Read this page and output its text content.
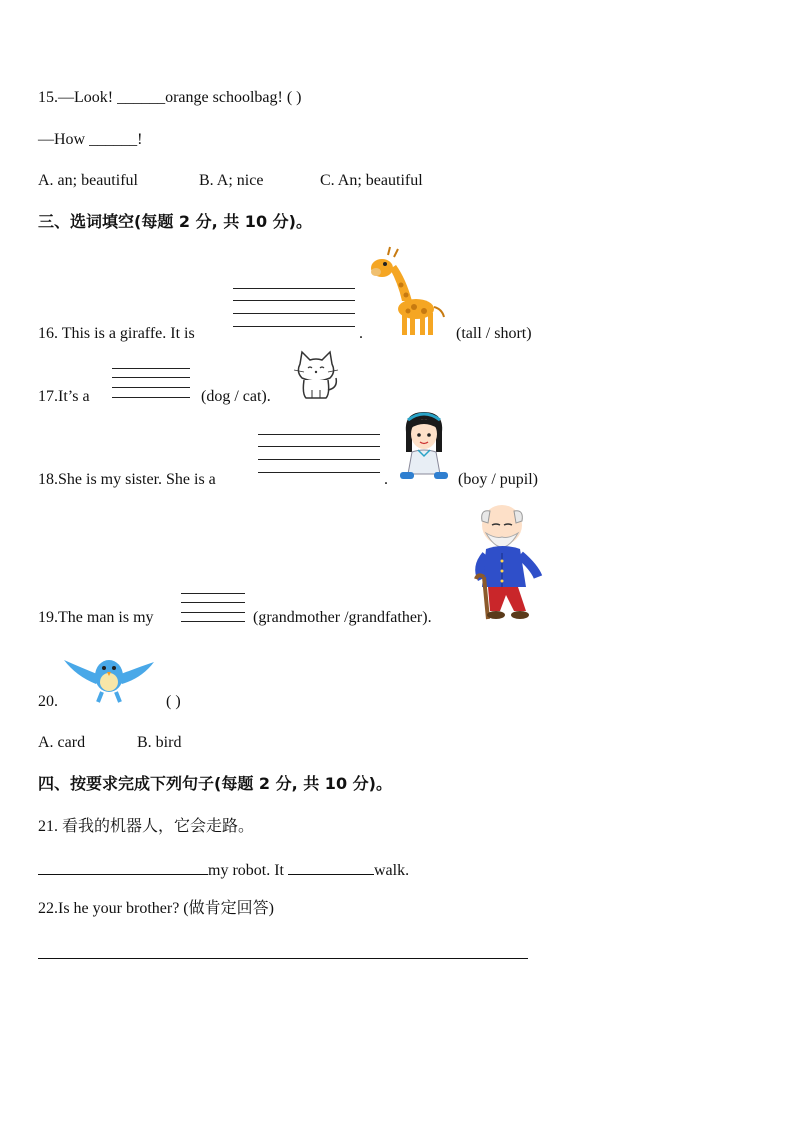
15.—Look! ______orange schoolbag! ( )
—How ______!
A. an; beautiful	B. A; nice	C. An; beautiful
三、选词填空(每题 2 分, 共 10 分)。
16. This is a giraffe. It is	.	(tall / short)
17.It’s a	(dog / cat).
18.She is my sister. She is a	.	(boy / pupil)
19.The man is my	(grandmother /grandfather).
20.	( )
A. card	B. bird
四、按要求完成下列句子(每题 2 分, 共 10 分)。
21. 看我的机器人，它会走路。
my robot. It	walk.
22.Is he your brother? (做肯定回答)
